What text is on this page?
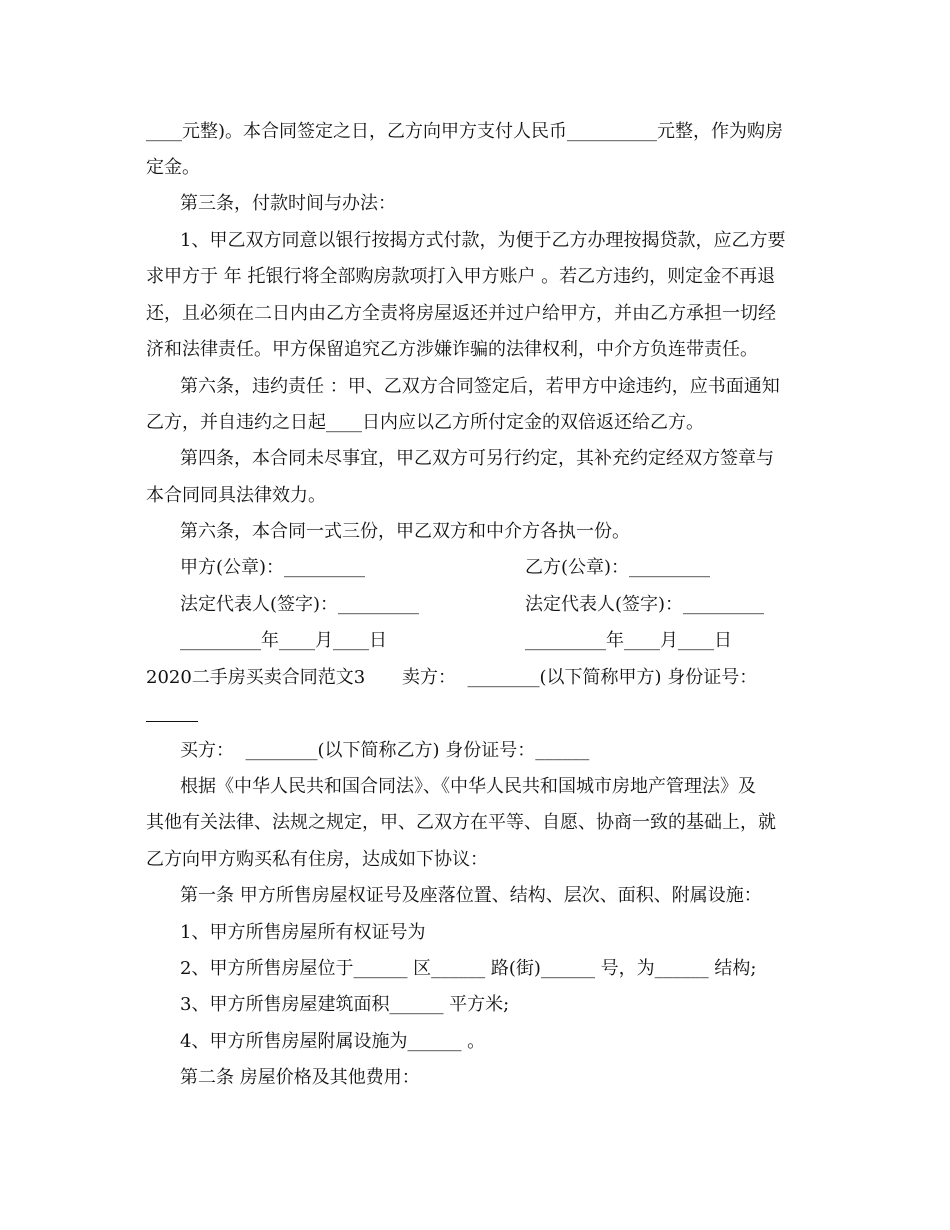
____元整)。本合同签定之日，乙方向甲方支付人民币__________元整，作为购房
定金。
第三条，付款时间与办法：
1、甲乙双方同意以银行按揭方式付款，为便于乙方办理按揭贷款，应乙方要
求甲方于 年 托银行将全部购房款项打入甲方账户 。若乙方违约，则定金不再退
还，且必须在二日内由乙方全责将房屋返还并过户给甲方，并由乙方承担一切经
济和法律责任。甲方保留追究乙方涉嫌诈骗的法律权利，中介方负连带责任。
第六条，违约责任 ：甲、乙双方合同签定后，若甲方中途违约，应书面通知
乙方，并自违约之日起____日内应以乙方所付定金的双倍返还给乙方。
第四条，本合同未尽事宜，甲乙双方可另行约定，其补充约定经双方签章与
本合同同具法律效力。
第六条，本合同一式三份，甲乙双方和中介方各执一份。
甲方(公章)：_________	乙方(公章)：_________
法定代表人(签字)：_________	法定代表人(签字)：_________
_________年____月____日	_________年____月____日
2020二手房买卖合同范文3 卖方：  ________(以下简称甲方) 身份证号：
买方：  ________(以下简称乙方) 身份证号：______
根据《中华人民共和国合同法》、《中华人民共和国城市房地产管理法》及
其他有关法律、法规之规定，甲、乙双方在平等、自愿、协商一致的基础上，就
乙方向甲方购买私有住房，达成如下协议：
第一条 甲方所售房屋权证号及座落位置、结构、层次、面积、附属设施：
1、甲方所售房屋所有权证号为
2、甲方所售房屋位于______ 区______ 路(街)______ 号，为______ 结构;
3、甲方所售房屋建筑面积______ 平方米;
4、甲方所售房屋附属设施为______ 。
第二条 房屋价格及其他费用：
